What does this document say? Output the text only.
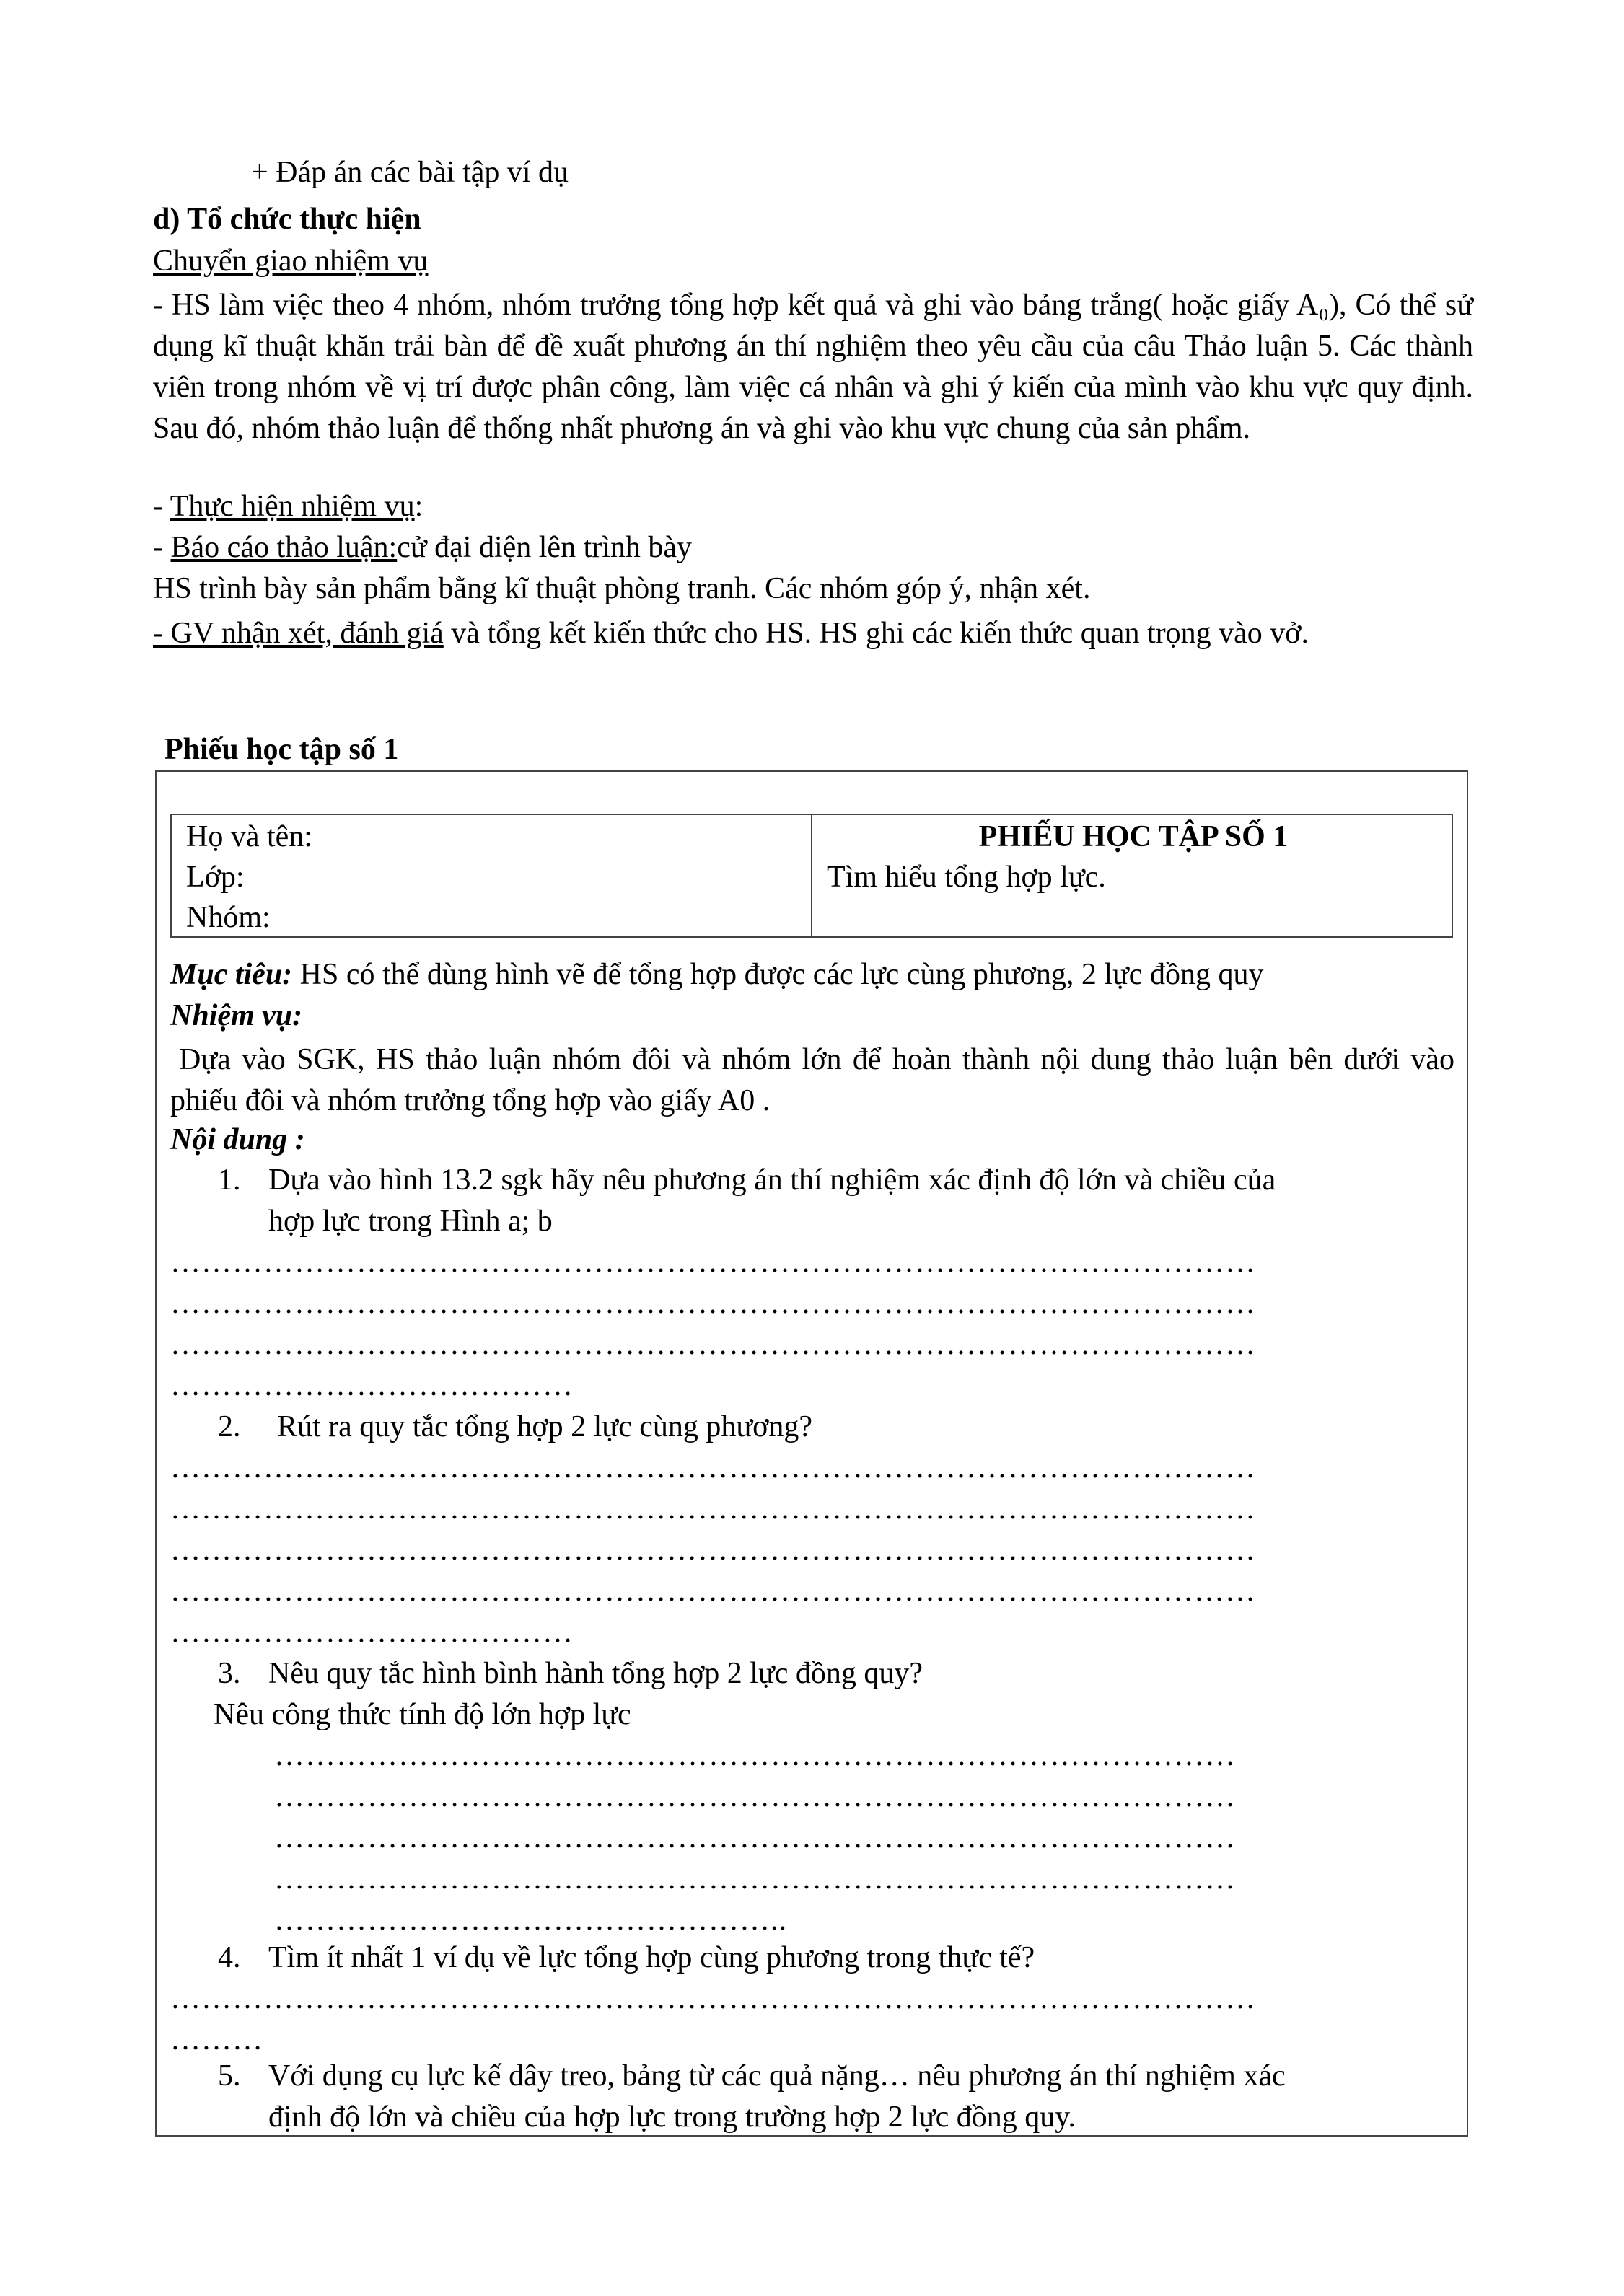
+ Đáp án các bài tập ví dụ
d) Tổ chức thực hiện
Chuyển giao nhiệm vụ
- HS làm việc theo 4 nhóm, nhóm trưởng tổng hợp kết quả và ghi vào bảng trắng( hoặc giấy A₀), Có thể sử dụng kĩ thuật khăn trải bàn để đề xuất phương án thí nghiệm theo yêu cầu của câu Thảo luận 5. Các thành viên trong nhóm về vị trí được phân công, làm việc cá nhân và ghi ý kiến của mình vào khu vực quy định. Sau đó, nhóm thảo luận để thống nhất phương án và ghi vào khu vực chung của sản phẩm.
- Thực hiện nhiệm vụ:
- Báo cáo thảo luận:cử đại diện lên trình bày
HS trình bày sản phẩm bằng kĩ thuật phòng tranh. Các nhóm góp ý, nhận xét.
- GV nhận xét, đánh giá và tổng kết kiến thức cho HS. HS ghi các kiến thức quan trọng vào vở.
Phiếu học tập số 1
Họ và tên:
Lớp:
Nhóm:
PHIẾU HỌC TẬP SỐ 1
Tìm hiểu tổng hợp lực.
Mục tiêu: HS có thể dùng hình vẽ để tổng hợp được các lực cùng phương, 2 lực đồng quy
Nhiệm vụ:
Dựa vào SGK, HS thảo luận nhóm đôi và nhóm lớn để hoàn thành nội dung thảo luận bên dưới vào phiếu đôi và nhóm trưởng tổng hợp vào giấy A0 .
Nội dung :
1. Dựa vào hình 13.2 sgk hãy nêu phương án thí nghiệm xác định độ lớn và chiều của
hợp lực trong Hình a; b
……………………………………………………………………………………………
……………………………………………………………………………………………
……………………………………………………………………………………………
…………………………………
2. Rút ra quy tắc tổng hợp 2 lực cùng phương?
……………………………………………………………………………………………
……………………………………………………………………………………………
……………………………………………………………………………………………
……………………………………………………………………………………………
…………………………………
3. Nêu quy tắc hình bình hành tổng hợp 2 lực đồng quy?
Nêu công thức tính độ lớn hợp lực
…………………………………………………………………………………
…………………………………………………………………………………
…………………………………………………………………………………
…………………………………………………………………………………
…………………………………………..
4. Tìm ít nhất 1 ví dụ về lực tổng hợp cùng phương trong thực tế?
……………………………………………………………………………………………
………
5. Với dụng cụ lực kế dây treo, bảng từ các quả nặng… nêu phương án thí nghiệm xác
định độ lớn và chiều của hợp lực trong trường hợp 2 lực đồng quy.
